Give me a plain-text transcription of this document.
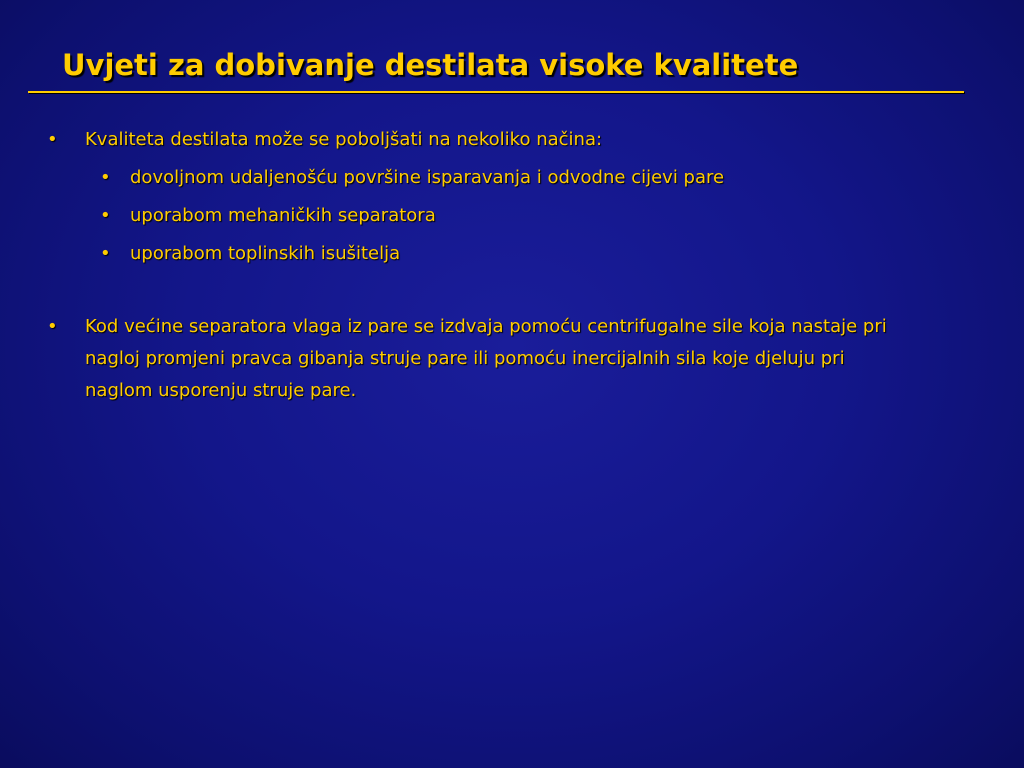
Uvjeti za dobivanje destilata visoke kvalitete
• Kvaliteta destilata može se poboljšati na nekoliko načina:
• dovoljnom udaljenošću površine isparavanja i odvodne cijevi pare
• uporabom mehaničkih separatora
• uporabom toplinskih isušitelja
• Kod većine separatora vlaga iz pare se izdvaja pomoću centrifugalne sile koja nastaje pri
nagloj promjeni pravca gibanja struje pare ili pomoću inercijalnih sila koje djeluju pri
naglom usporenju struje pare.
